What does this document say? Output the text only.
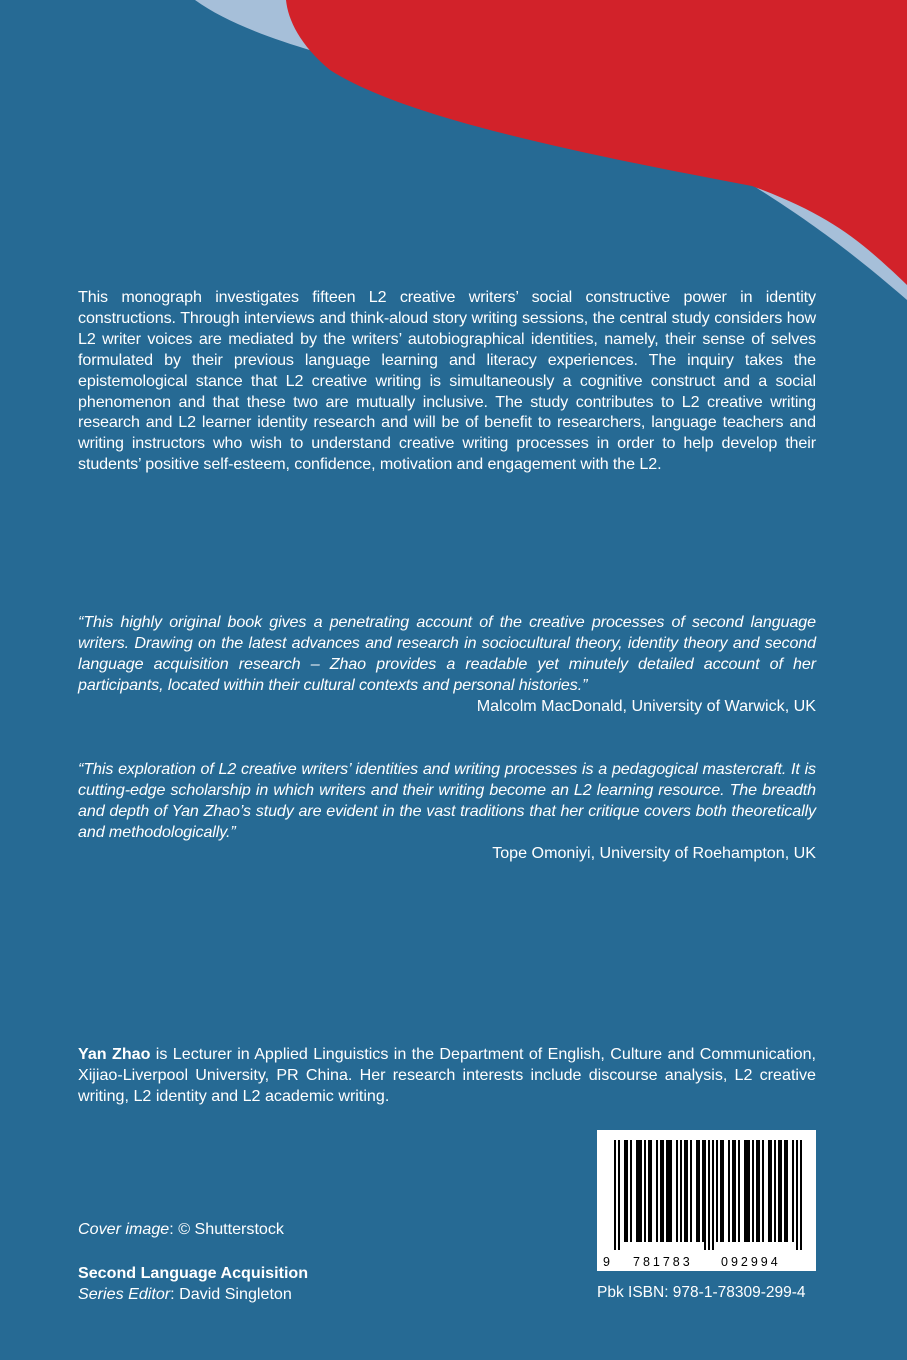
This monograph investigates fifteen L2 creative writers’ social constructive power in identity constructions. Through interviews and think-aloud story writing sessions, the central study considers how L2 writer voices are mediated by the writers’ autobiographical identities, namely, their sense of selves formulated by their previous language learning and literacy experiences. The inquiry takes the epistemological stance that L2 creative writing is simultaneously a cognitive construct and a social phenomenon and that these two are mutually inclusive. The study contributes to L2 creative writing research and L2 learner identity research and will be of benefit to researchers, language teachers and writing instructors who wish to understand creative writing processes in order to help develop their students’ positive self-esteem, confidence, motivation and engagement with the L2.

“This highly original book gives a penetrating account of the creative processes of second language writers. Drawing on the latest advances and research in sociocultural theory, identity theory and second language acquisition research – Zhao provides a readable yet minutely detailed account of her participants, located within their cultural contexts and personal histories.”

Malcolm MacDonald, University of Warwick, UK

“This exploration of L2 creative writers’ identities and writing processes is a pedagogical mastercraft. It is cutting-edge scholarship in which writers and their writing become an L2 learning resource. The breadth and depth of Yan Zhao’s study are evident in the vast traditions that her critique covers both theoretically and methodologically.”

Tope Omoniyi, University of Roehampton, UK

Yan Zhao is Lecturer in Applied Linguistics in the Department of English, Culture and Communication, Xijiao-Liverpool University, PR China. Her research interests include discourse analysis, L2 creative writing, L2 identity and L2 academic writing.

9 781783 092994
Pbk ISBN: 978-1-78309-299-4
Cover image: © Shutterstock
Second Language Acquisition
Series Editor: David Singleton
